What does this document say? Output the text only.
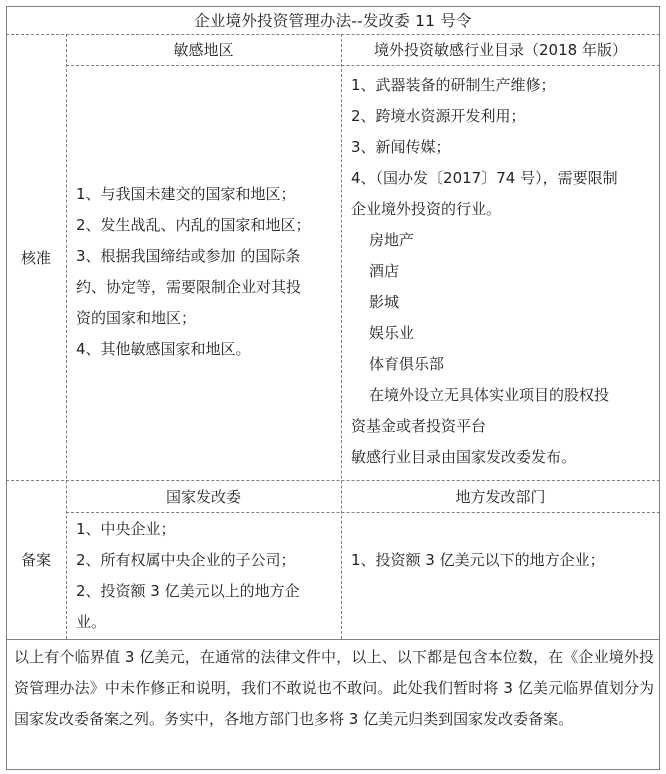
企业境外投资管理办法--发改委 11 号令
核准
敏感地区	境外投资敏感行业目录（2018 年版）

1、与我国未建交的国家和地区；

2、发生战乱、内乱的国家和地区；

3、根据我国缔结或参加 的国际条

约、协定等，需要限制企业对其投

资的国家和地区；

4、其他敏感国家和地区。

1、武器装备的研制生产维修；

2、跨境水资源开发利用；

3、新闻传媒；

4、（国办发〔2017〕74 号），需要限制

企业境外投资的行业。

房地产

酒店

影城

娱乐业

体育俱乐部

在境外设立无具体实业项目的股权投

资基金或者投资平台

敏感行业目录由国家发改委发布。

备案
国家发改委	地方发改部门

1、中央企业；

2、所有权属中央企业的子公司；

2、投资额 3 亿美元以上的地方企

业。

1、投资额 3 亿美元以下的地方企业；

以上有个临界值 3 亿美元，在通常的法律文件中，以上、以下都是包含本位数，在《企业境外投资管理办法》中未作修正和说明，我们不敢说也不敢问。此处我们暂时将 3 亿美元临界值划分为国家发改委备案之列。务实中，各地方部门也多将 3 亿美元归类到国家发改委备案。
